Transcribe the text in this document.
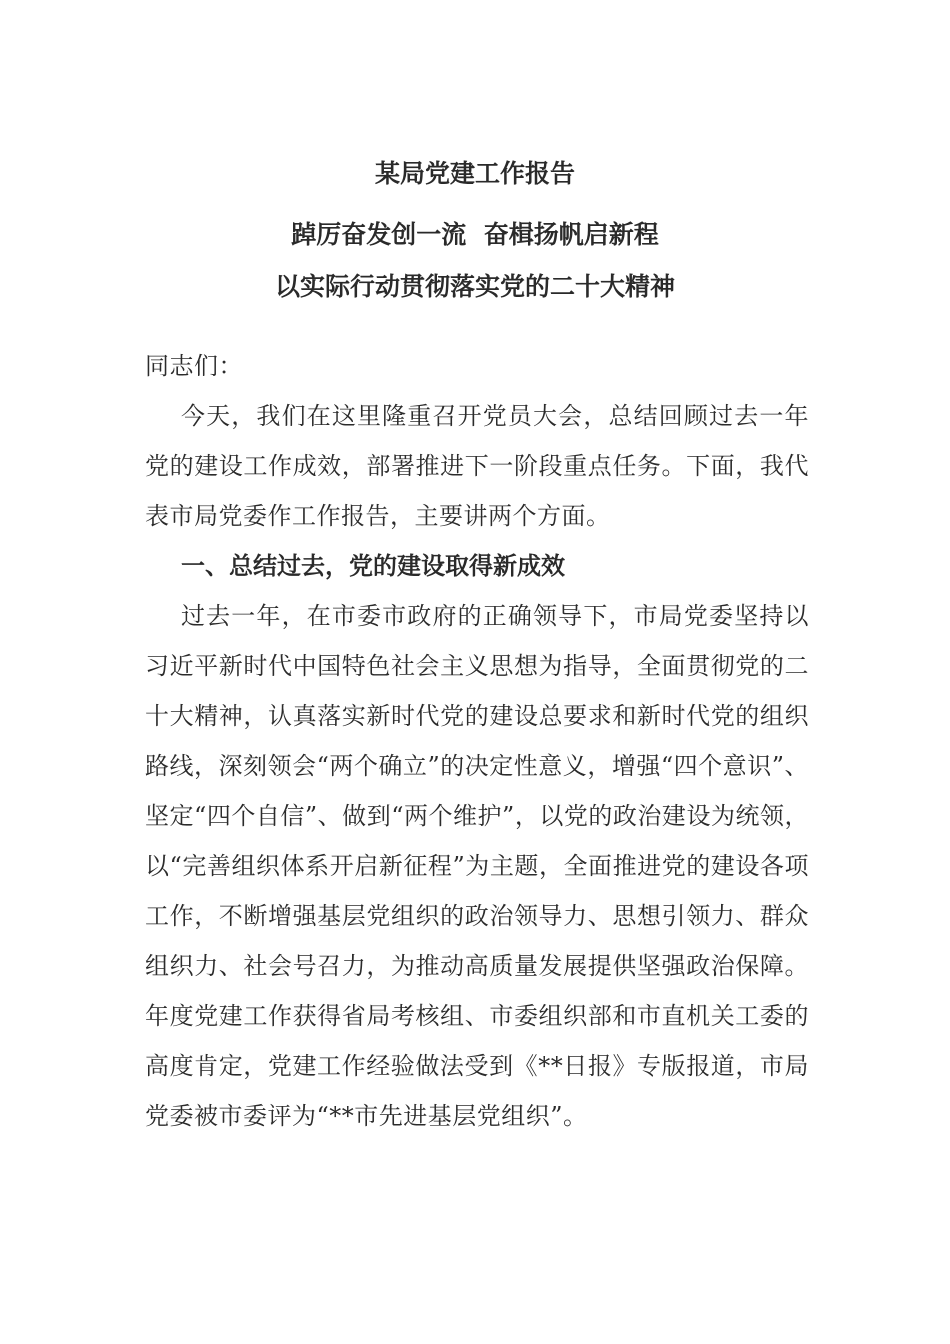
某局党建工作报告
踔厉奋发创一流  奋楫扬帆启新程
以实际行动贯彻落实党的二十大精神
同志们：
今天，我们在这里隆重召开党员大会，总结回顾过去一年党的建设工作成效，部署推进下一阶段重点任务。下面，我代表市局党委作工作报告，主要讲两个方面。
一、总结过去，党的建设取得新成效
过去一年，在市委市政府的正确领导下，市局党委坚持以习近平新时代中国特色社会主义思想为指导，全面贯彻党的二十大精神，认真落实新时代党的建设总要求和新时代党的组织路线，深刻领会“两个确立”的决定性意义，增强“四个意识”、坚定“四个自信”、做到“两个维护”，以党的政治建设为统领，以“完善组织体系开启新征程”为主题，全面推进党的建设各项工作，不断增强基层党组织的政治领导力、思想引领力、群众组织力、社会号召力，为推动高质量发展提供坚强政治保障。年度党建工作获得省局考核组、市委组织部和市直机关工委的高度肯定，党建工作经验做法受到《**日报》专版报道，市局党委被市委评为“**市先进基层党组织”。
